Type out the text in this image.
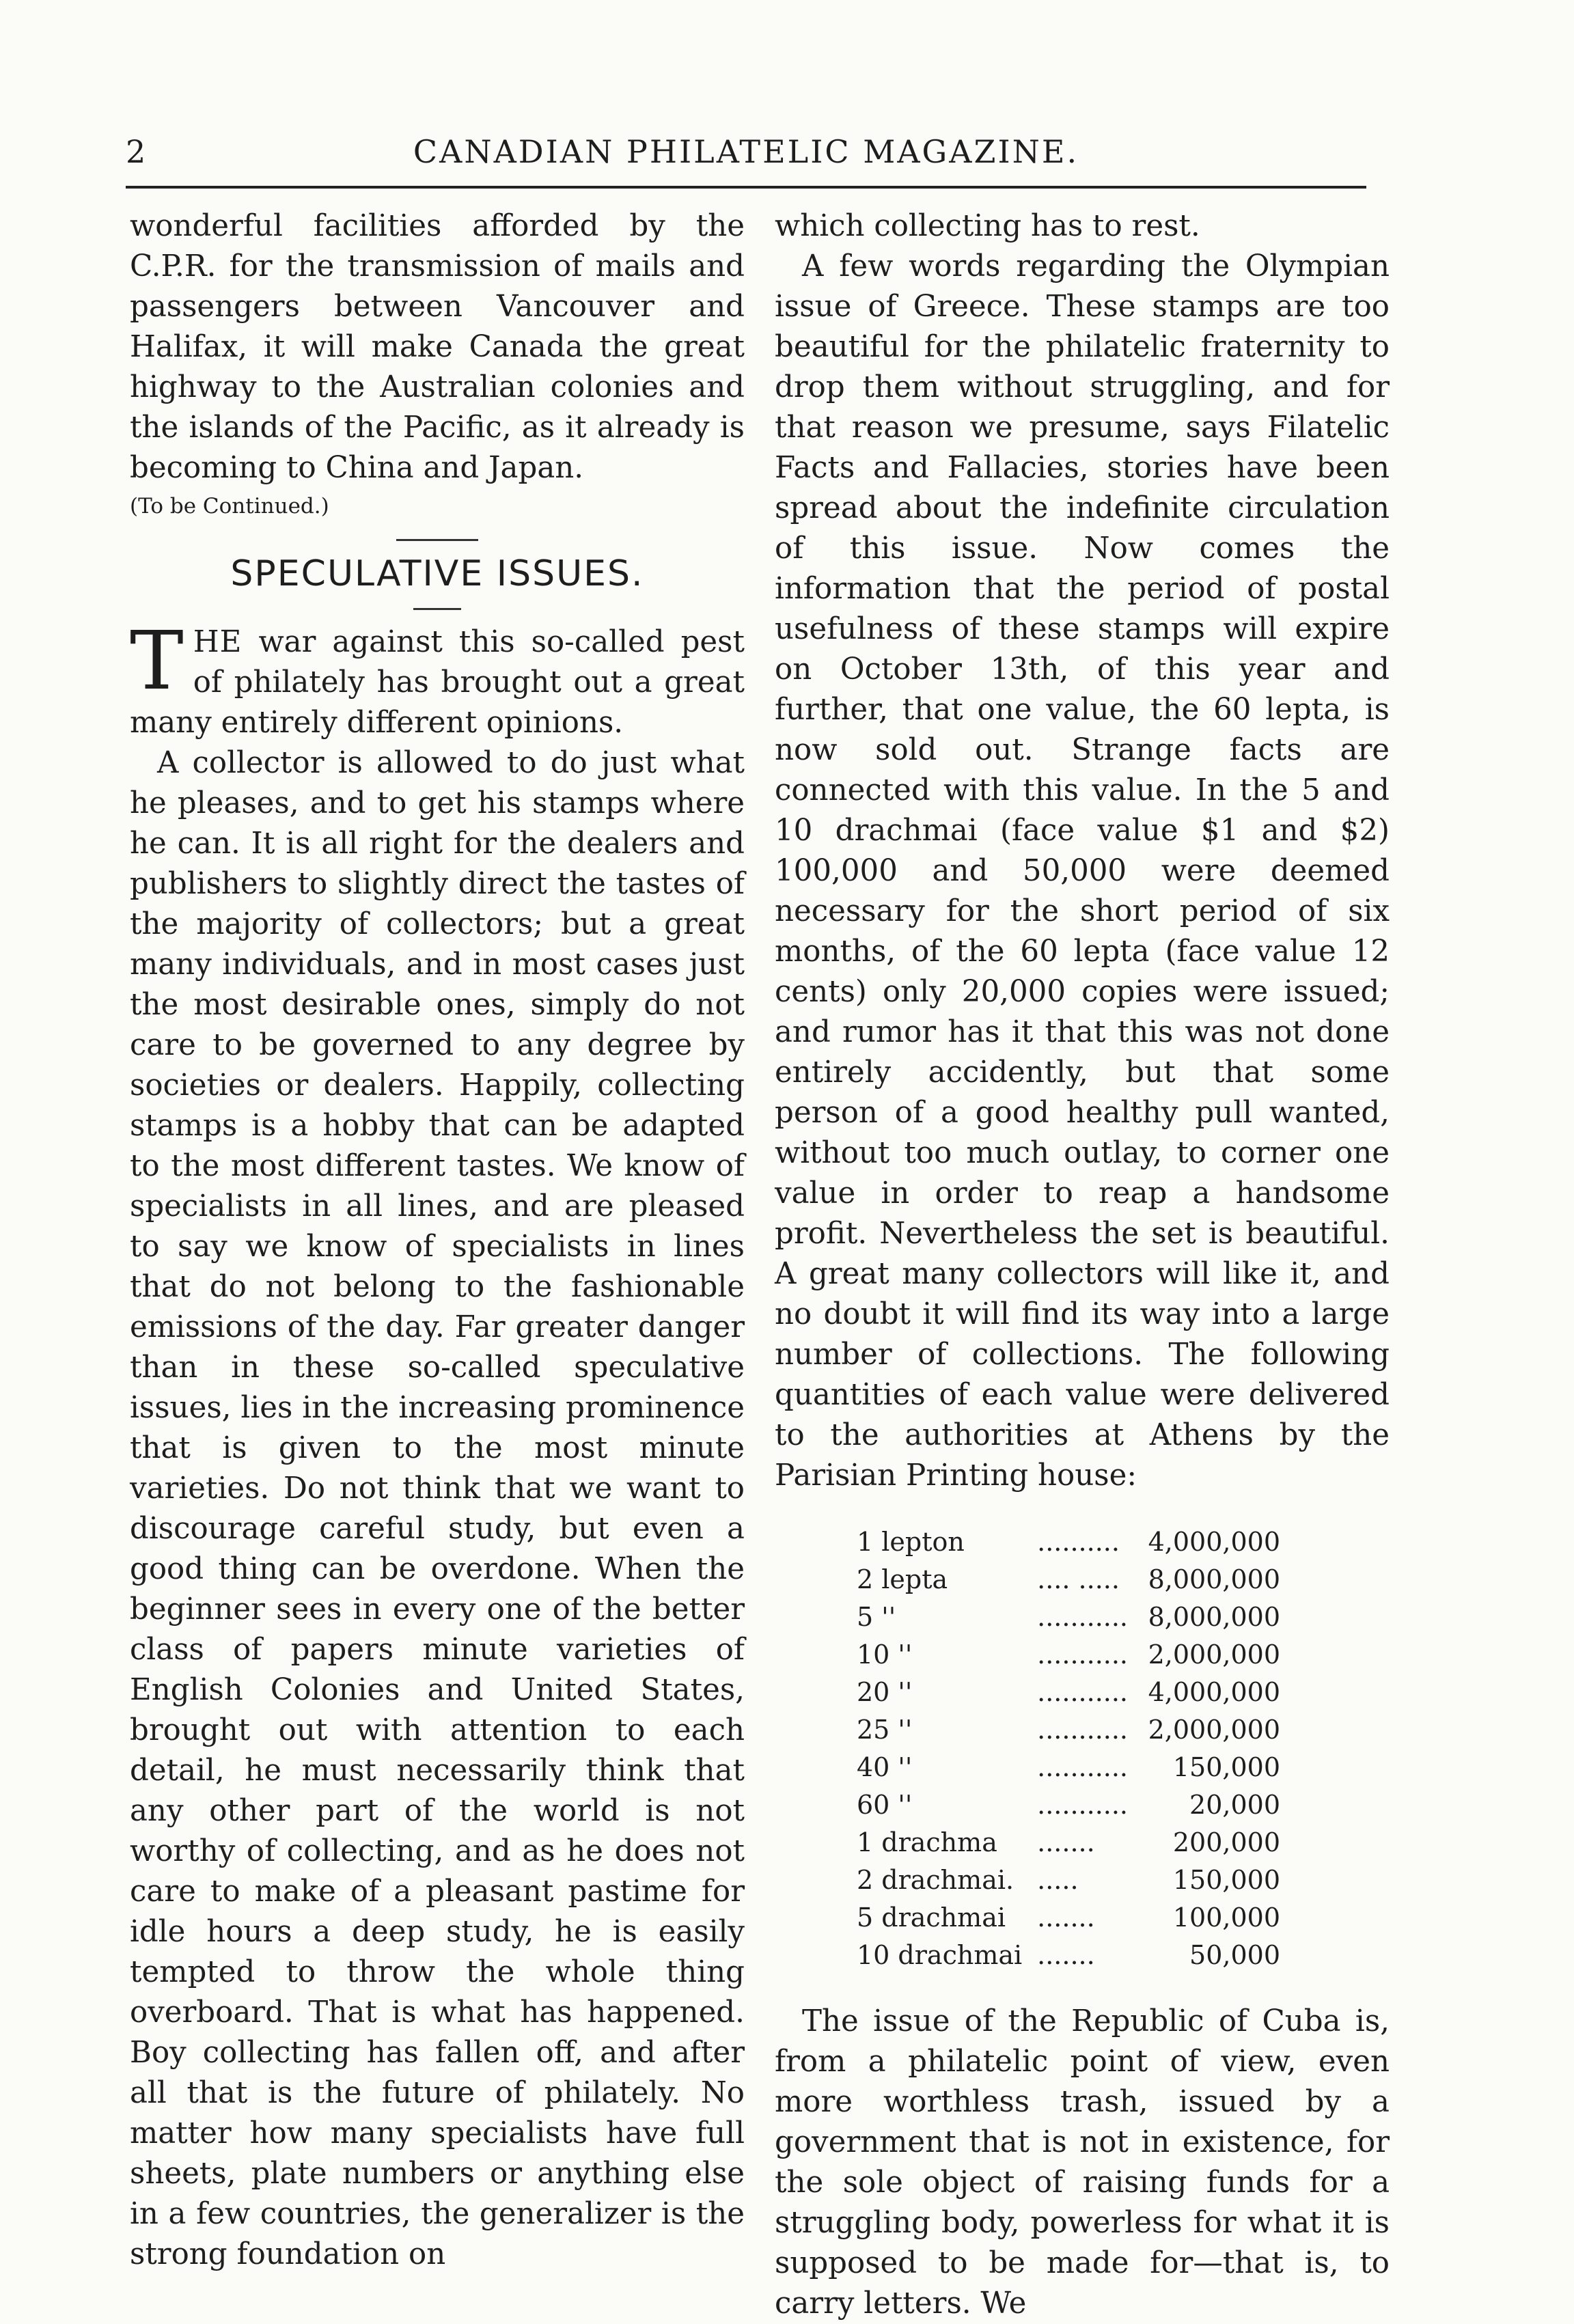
2	CANADIAN PHILATELIC MAGAZINE.

wonderful facilities afforded by the C.P.R. for the transmission of mails and passengers between Vancouver and Halifax, it will make Canada the great highway to the Australian colonies and the islands of the Pacific, as it already is becoming to China and Japan.

(To be Continued.)

SPECULATIVE ISSUES.

THE war against this so-called pest of philately has brought out a great many entirely different opinions.

A collector is allowed to do just what he pleases, and to get his stamps where he can. It is all right for the dealers and publishers to slightly direct the tastes of the majority of collectors; but a great many individuals, and in most cases just the most desirable ones, simply do not care to be governed to any degree by societies or dealers. Happily, collecting stamps is a hobby that can be adapted to the most different tastes. We know of specialists in all lines, and are pleased to say we know of specialists in lines that do not belong to the fashionable emissions of the day. Far greater danger than in these so-called speculative issues, lies in the increasing prominence that is given to the most minute varieties. Do not think that we want to discourage careful study, but even a good thing can be overdone. When the beginner sees in every one of the better class of papers minute varieties of English Colonies and United States, brought out with attention to each detail, he must necessarily think that any other part of the world is not worthy of collecting, and as he does not care to make of a pleasant pastime for idle hours a deep study, he is easily tempted to throw the whole thing overboard. That is what has happened. Boy collecting has fallen off, and after all that is the future of philately. No matter how many specialists have full sheets, plate numbers or anything else in a few countries, the generalizer is the strong foundation on

which collecting has to rest.

A few words regarding the Olympian issue of Greece. These stamps are too beautiful for the philatelic fraternity to drop them without struggling, and for that reason we presume, says Filatelic Facts and Fallacies, stories have been spread about the indefinite circulation of this issue. Now comes the information that the period of postal usefulness of these stamps will expire on October 13th, of this year and further, that one value, the 60 lepta, is now sold out. Strange facts are connected with this value. In the 5 and 10 drachmai (face value $1 and $2) 100,000 and 50,000 were deemed necessary for the short period of six months, of the 60 lepta (face value 12 cents) only 20,000 copies were issued; and rumor has it that this was not done entirely accidently, but that some person of a good healthy pull wanted, without too much outlay, to corner one value in order to reap a handsome profit. Nevertheless the set is beautiful. A great many collectors will like it, and no doubt it will find its way into a large number of collections. The following quantities of each value were delivered to the authorities at Athens by the Parisian Printing house:

1 lepton	..........	4,000,000
2 lepta	.... .....	8,000,000
5 ''	...........	8,000,000
10 ''	...........	2,000,000
20 ''	...........	4,000,000
25 ''	...........	2,000,000
40 ''	...........	150,000
60 ''	...........	20,000
1 drachma	.......	200,000
2 drachmai.	.....	150,000
5 drachmai	.......	100,000
10 drachmai	.......	50,000

The issue of the Republic of Cuba is, from a philatelic point of view, even more worthless trash, issued by a government that is not in existence, for the sole object of raising funds for a struggling body, powerless for what it is supposed to be made for—that is, to carry letters. We
